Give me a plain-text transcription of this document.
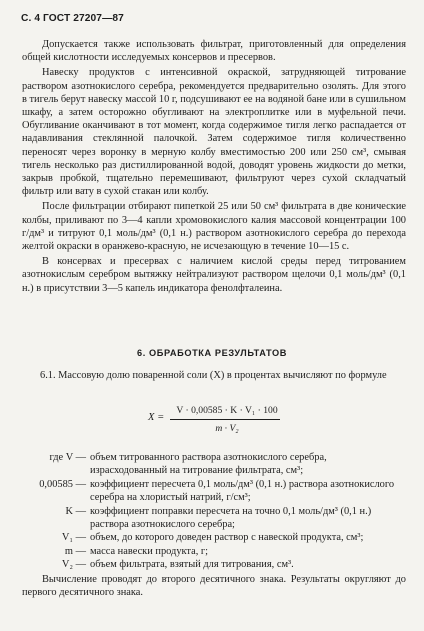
С. 4 ГОСТ 27207—87

Допускается также использовать фильтрат, приготовленный для определения общей кислотности исследуемых консервов и пресервов.

Навеску продуктов с интенсивной окраской, затрудняющей титрование раствором азотнокислого серебра, рекомендуется предварительно озолять. Для этого в тигель берут навеску массой 10 г, подсушивают ее на водяной бане или в сушильном шкафу, а затем осторожно обугливают на электроплитке или в муфельной печи. Обугливание оканчивают в тот момент, когда содержимое тигля легко распадается от надавливания стеклянной палочкой. Затем содержимое тигля количественно переносят через воронку в мерную колбу вместимостью 200 или 250 см³, смывая тигель несколько раз дистиллированной водой, доводят уровень жидкости до метки, закрыв пробкой, тщательно перемешивают, фильтруют через сухой складчатый фильтр или вату в сухой стакан или колбу.

После фильтрации отбирают пипеткой 25 или 50 см³ фильтрата в две конические колбы, приливают по 3—4 капли хромовокислого калия массовой концентрации 100 г/дм³ и титруют 0,1 моль/дм³ (0,1 н.) раствором азотнокислого серебра до перехода желтой окраски в оранжево-красную, не исчезающую в течение 10—15 с.

В консервах и пресервах с наличием кислой среды перед титрованием азотнокислым серебром вытяжку нейтрализуют раствором щелочи 0,1 моль/дм³ (0,1 н.) в присутствии 3—5 капель индикатора фенолфталеина.

6. ОБРАБОТКА РЕЗУЛЬТАТОВ

6.1. Массовую долю поваренной соли (X) в процентах вычисляют по формуле

X =
V · 0,00585 · K · V₁ · 100
m · V₂
где V — объем титрованного раствора азотнокислого серебра, израсходованный на титрование фильтрата, см³;
0,00585 — коэффициент пересчета 0,1 моль/дм³ (0,1 н.) раствора азотнокислого серебра на хлористый натрий, г/см³;
K — коэффициент поправки пересчета на точно 0,1 моль/дм³ (0,1 н.) раствора азотнокислого серебра;
V₁ — объем, до которого доведен раствор с навеской продукта, см³;
m — масса навески продукта, г;
V₂ — объем фильтрата, взятый для титрования, см³.

Вычисление проводят до второго десятичного знака. Результаты округляют до первого десятичного знака.
